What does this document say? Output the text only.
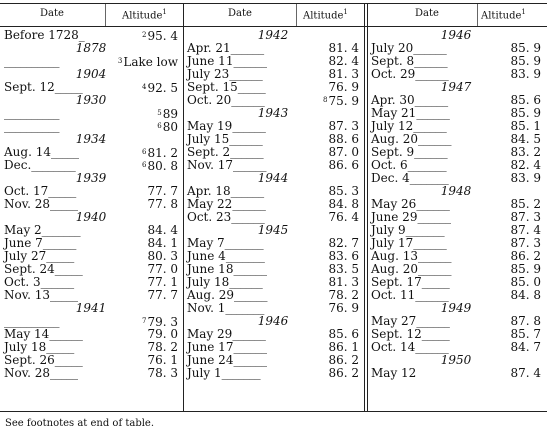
Date	Altitude$^1$	Date	Altitude$^1$	Date	Altitude$^1$
Before 1728_	$^2$95. 4
1878
__________	$^3$Lake low
1904
Sept. 12_____	$^4$92. 5
1930
__________	$^5$89
__________	$^6$80
1934
Aug. 14_____	$^6$81. 2
Dec.________	$^6$80. 8
1939
Oct. 17_____	77. 7
Nov. 28_____	77. 8
1940
May 2_______	84. 4
June 7______	84. 1
July 27_____	80. 3
Sept. 24_____	77. 0
Oct. 3______	77. 1
Nov. 13_____	77. 7
1941
__________	$^7$79. 3
May 14______	79. 0
July 18_____	78. 2
Sept. 26_____	76. 1
Nov. 28_____	78. 3
1942
Apr. 21______	81. 4
June 11______	82. 4
July 23______	81. 3
Sept. 15_____	76. 9
Oct. 20______	$^8$75. 9
1943
May 19______	87. 3
July 15______	88. 6
Sept. 2______	87. 0
Nov. 17______	86. 6
1944
Apr. 18______	85. 3
May 22______	84. 8
Oct. 23______	76. 4
1945
May 7_______	82. 7
June 4_______	83. 6
June 18______	83. 5
July 18______	81. 3
Aug. 29______	78. 2
Nov. 1_______	76. 9
1946
May 29______	85. 6
June 17______	86. 1
June 24______	86. 2
July 1_______	86. 2
1946
July 20______	85. 9
Sept. 8______	85. 9
Oct. 29______	83. 9
1947
Apr. 30______	85. 6
May 21______	85. 9
July 12______	85. 1
Aug. 20______	84. 5
Sept. 9______	83. 2
Oct. 6_______	82. 4
Dec. 4_______	83. 9
1948
May 26______	85. 2
June 29______	87. 3
July 9_______	87. 4
July 17______	87. 3
Aug. 13______	86. 2
Aug. 20______	85. 9
Sept. 17_____	85. 0
Oct. 11______	84. 8
1949
May 27______	87. 8
Sept. 12_____	85. 7
Oct. 14______	84. 7
1950
May 12	87. 4
See footnotes at end of table.
